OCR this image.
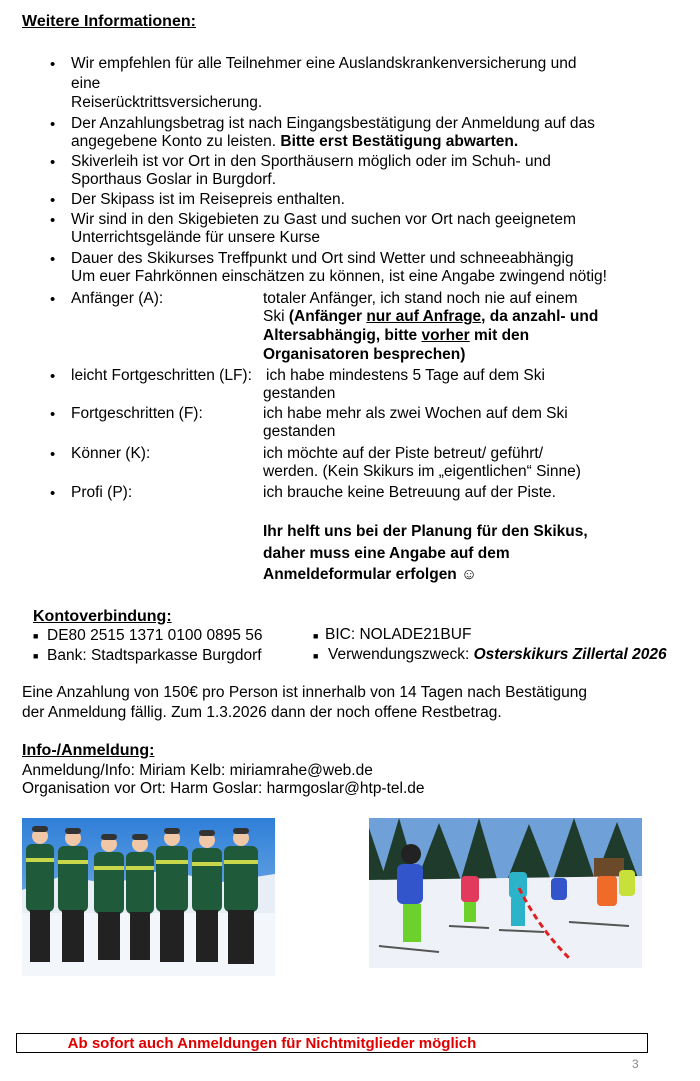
Weitere Informationen:
• Wir empfehlen für alle Teilnehmer eine Auslandskrankenversicherung und
eine
Reiserücktrittsversicherung.
• Der Anzahlungsbetrag ist nach Eingangsbestätigung der Anmeldung auf das
angegebene Konto zu leisten. Bitte erst Bestätigung abwarten.
• Skiverleih ist vor Ort in den Sporthäusern möglich oder im Schuh- und
Sporthaus Goslar in Burgdorf.
• Der Skipass ist im Reisepreis enthalten.
• Wir sind in den Skigebieten zu Gast und suchen vor Ort nach geeignetem
Unterrichtsgelände für unsere Kurse
• Dauer des Skikurses Treffpunkt und Ort sind Wetter und schneeabhängig
Um euer Fahrkönnen einschätzen zu können, ist eine Angabe zwingend nötig!
• Anfänger (A):	totaler Anfänger, ich stand noch nie auf einem
Ski (Anfänger nur auf Anfrage, da anzahl- und
Altersabhängig, bitte vorher mit den
Organisatoren besprechen)
• leicht Fortgeschritten (LF): ich habe mindestens 5 Tage auf dem Ski
gestanden
• Fortgeschritten (F):	ich habe mehr als zwei Wochen auf dem Ski
gestanden
• Könner (K):	ich möchte auf der Piste betreut/ geführt/
werden. (Kein Skikurs im „eigentlichen“ Sinne)
• Profi (P):	ich brauche keine Betreuung auf der Piste.
Ihr helft uns bei der Planung für den Skikus,
daher muss eine Angabe auf dem
Anmeldeformular erfolgen ☺
Kontoverbindung:
■ DE80 2515 1371 0100 0895 56
■ Bank: Stadtsparkasse Burgdorf
■ BIC: NOLADE21BUF
■ Verwendungszweck: Osterskikurs Zillertal 2026
Eine Anzahlung von 150€ pro Person ist innerhalb von 14 Tagen nach Bestätigung
der Anmeldung fällig. Zum 1.3.2026 dann der noch offene Restbetrag.
Info-/Anmeldung:
Anmeldung/Info: Miriam Kelb: miriamrahe@web.de
Organisation vor Ort: Harm Goslar: harmgoslar@htp-tel.de
Ab sofort auch Anmeldungen für Nichtmitglieder möglich
3
